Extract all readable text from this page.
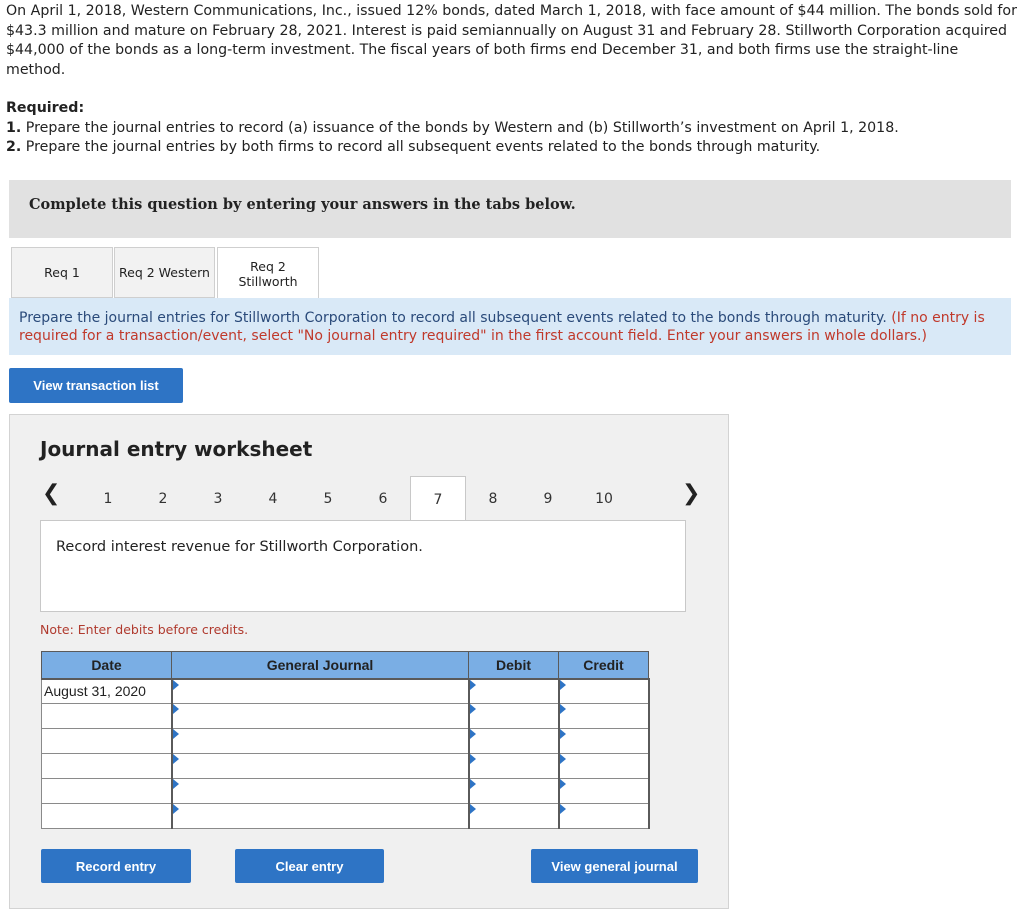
On April 1, 2018, Western Communications, Inc., issued 12% bonds, dated March 1, 2018, with face amount of $44 million. The bonds sold for $43.3 million and mature on February 28, 2021. Interest is paid semiannually on August 31 and February 28. Stillworth Corporation acquired $44,000 of the bonds as a long-term investment. The fiscal years of both firms end December 31, and both firms use the straight-line method.
Required:
1. Prepare the journal entries to record (a) issuance of the bonds by Western and (b) Stillworth’s investment on April 1, 2018.
2. Prepare the journal entries by both firms to record all subsequent events related to the bonds through maturity.
Complete this question by entering your answers in the tabs below.
Req 1	Req 2 Western	Req 2 Stillworth
Prepare the journal entries for Stillworth Corporation to record all subsequent events related to the bonds through maturity. (If no entry is required for a transaction/event, select "No journal entry required" in the first account field. Enter your answers in whole dollars.)
View transaction list
Journal entry worksheet
❮	1	2	3	4	5	6	7	8	9	10	❯
Record interest revenue for Stillworth Corporation.
Note: Enter debits before credits.
Date	General Journal	Debit	Credit
August 31, 2020	

Record entry	Clear entry	View general journal
